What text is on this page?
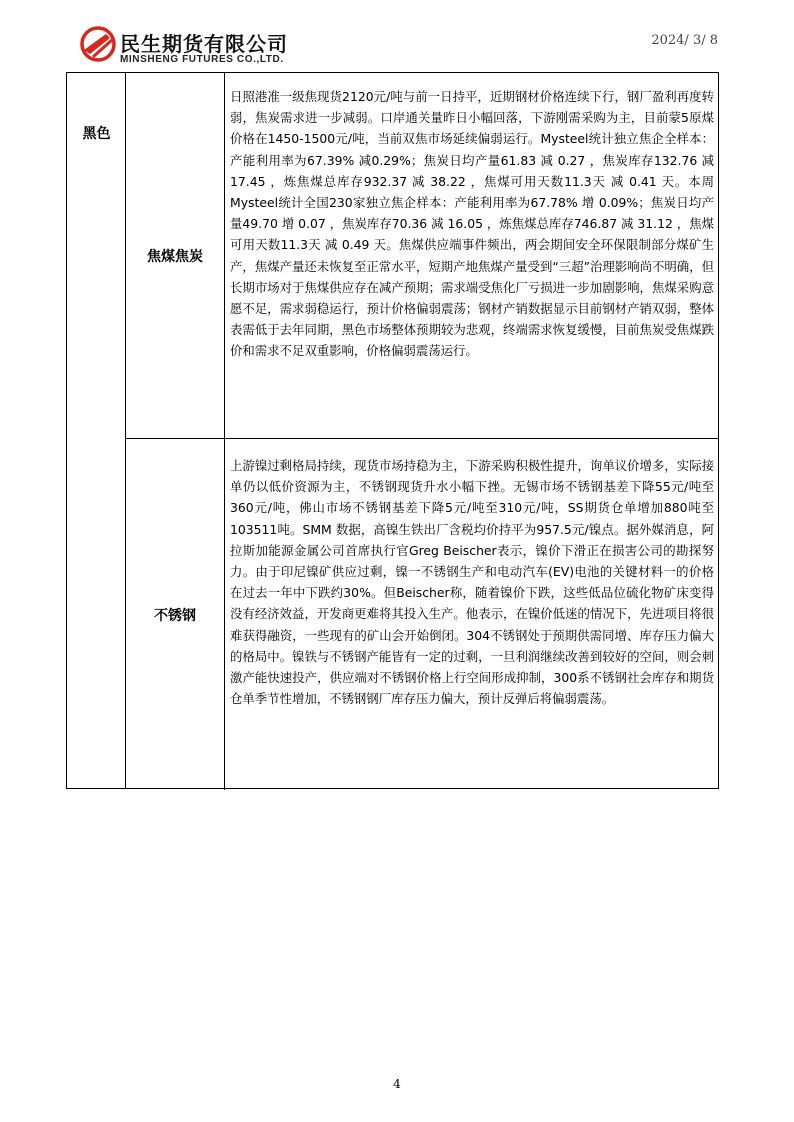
民生期货有限公司
MINSHENG FUTURES CO.,LTD.
2024/ 3/ 8
黑色
焦煤焦炭
日照港准一级焦现货2120元/吨与前一日持平，近期钢材价格连续下行，钢厂盈利再度转弱，焦炭需求进一步减弱。口岸通关量昨日小幅回落，下游刚需采购为主，目前蒙5原煤价格在1450-1500元/吨，当前双焦市场延续偏弱运行。Mysteel统计独立焦企全样本：产能利用率为67.39% 减0.29%；焦炭日均产量61.83 减 0.27 ，焦炭库存132.76 减 17.45 ，炼焦煤总库存932.37 减 38.22 ，焦煤可用天数11.3天 减 0.41 天。本周Mysteel统计全国230家独立焦企样本：产能利用率为67.78% 增 0.09%；焦炭日均产量49.70 增 0.07 ，焦炭库存70.36 减 16.05 ，炼焦煤总库存746.87 减 31.12 ，焦煤可用天数11.3天 减 0.49 天。焦煤供应端事件频出，两会期间安全环保限制部分煤矿生产，焦煤产量还未恢复至正常水平，短期产地焦煤产量受到“三超”治理影响尚不明确，但长期市场对于焦煤供应存在减产预期；需求端受焦化厂亏损进一步加剧影响，焦煤采购意愿不足，需求弱稳运行，预计价格偏弱震荡；钢材产销数据显示目前钢材产销双弱，整体表需低于去年同期，黑色市场整体预期较为悲观，终端需求恢复缓慢，目前焦炭受焦煤跌价和需求不足双重影响，价格偏弱震荡运行。
不锈钢
上游镍过剩格局持续，现货市场持稳为主，下游采购积极性提升，询单议价增多，实际接单仍以低价资源为主，不锈钢现货升水小幅下挫。无锡市场不锈钢基差下降55元/吨至360元/吨，佛山市场不锈钢基差下降5元/吨至310元/吨，SS期货仓单增加880吨至103511吨。SMM 数据，高镍生铁出厂含税均价持平为957.5元/镍点。据外媒消息，阿拉斯加能源金属公司首席执行官Greg Beischer表示，镍价下滑正在损害公司的勘探努力。由于印尼镍矿供应过剩，镍一不锈钢生产和电动汽车(EV)电池的关键材料一的价格在过去一年中下跌约30%。但Beischer称，随着镍价下跌，这些低品位硫化物矿床变得没有经济效益，开发商更难将其投入生产。他表示，在镍价低迷的情况下，先进项目将很难获得融资，一些现有的矿山会开始倒闭。304不锈钢处于预期供需同增、库存压力偏大的格局中。镍铁与不锈钢产能皆有一定的过剩，一旦利润继续改善到较好的空间，则会刺激产能快速投产，供应端对不锈钢价格上行空间形成抑制，300系不锈钢社会库存和期货仓单季节性增加，不锈钢钢厂库存压力偏大，预计反弹后将偏弱震荡。
4
